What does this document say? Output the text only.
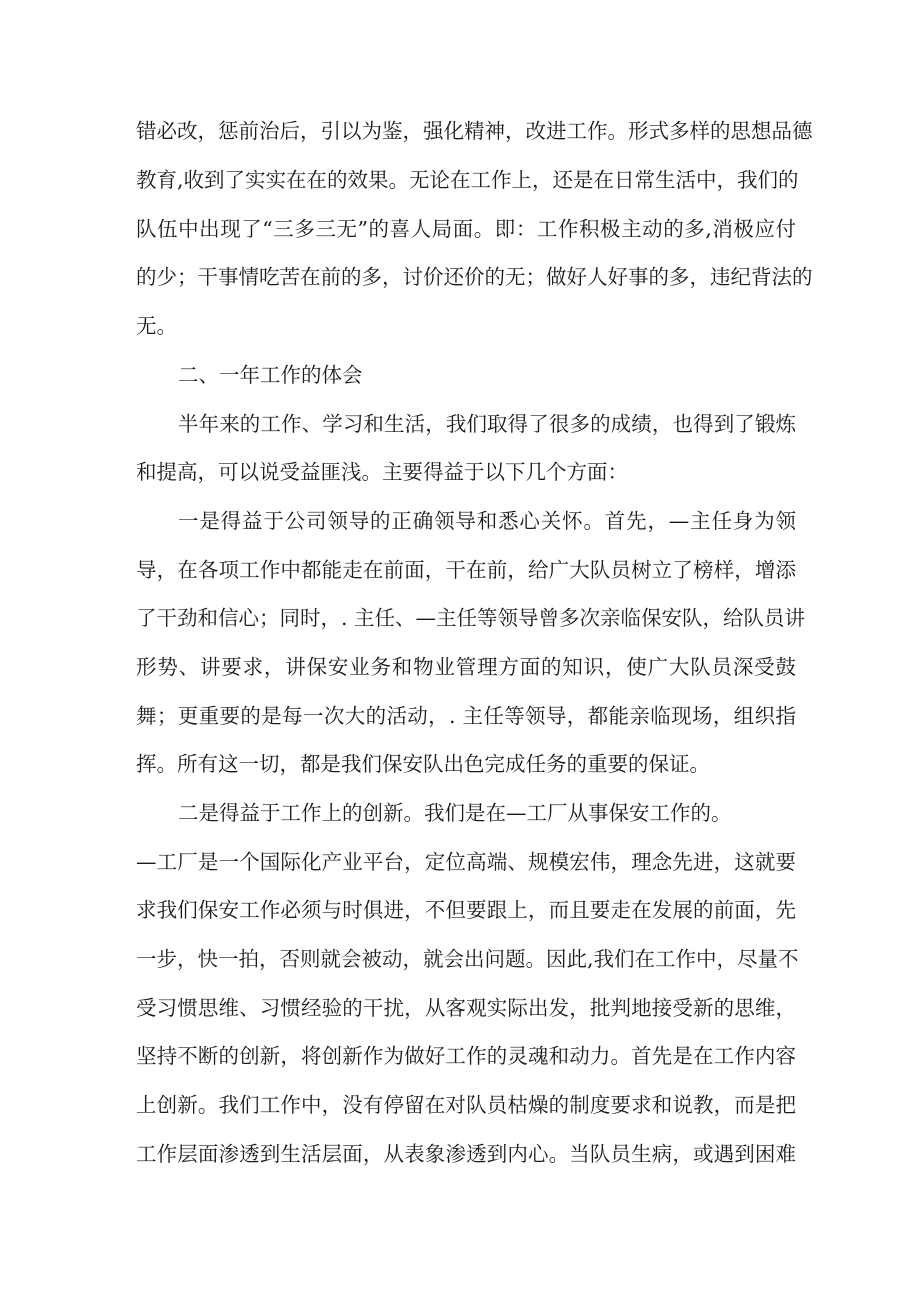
错必改，惩前治后，引以为鉴，强化精神，改进工作。形式多样的思想品德
教育,收到了实实在在的效果。无论在工作上，还是在日常生活中，我们的
队伍中出现了“三多三无”的喜人局面。即：工作积极主动的多,消极应付
的少；干事情吃苦在前的多，讨价还价的无；做好人好事的多，违纪背法的
无。
二、一年工作的体会
半年来的工作、学习和生活，我们取得了很多的成绩，也得到了锻炼
和提高，可以说受益匪浅。主要得益于以下几个方面：
一是得益于公司领导的正确领导和悉心关怀。首先，—主任身为领
导，在各项工作中都能走在前面，干在前，给广大队员树立了榜样，增添
了干劲和信心；同时，. 主任、—主任等领导曾多次亲临保安队，给队员讲
形势、讲要求，讲保安业务和物业管理方面的知识，使广大队员深受鼓
舞；更重要的是每一次大的活动，. 主任等领导，都能亲临现场，组织指
挥。所有这一切，都是我们保安队出色完成任务的重要的保证。
二是得益于工作上的创新。我们是在—工厂从事保安工作的。
—工厂是一个国际化产业平台，定位高端、规模宏伟，理念先进，这就要
求我们保安工作必须与时俱进，不但要跟上，而且要走在发展的前面，先
一步，快一拍，否则就会被动，就会出问题。因此,我们在工作中，尽量不
受习惯思维、习惯经验的干扰，从客观实际出发，批判地接受新的思维，
坚持不断的创新，将创新作为做好工作的灵魂和动力。首先是在工作内容
上创新。我们工作中，没有停留在对队员枯燥的制度要求和说教，而是把
工作层面渗透到生活层面，从表象渗透到内心。当队员生病，或遇到困难
